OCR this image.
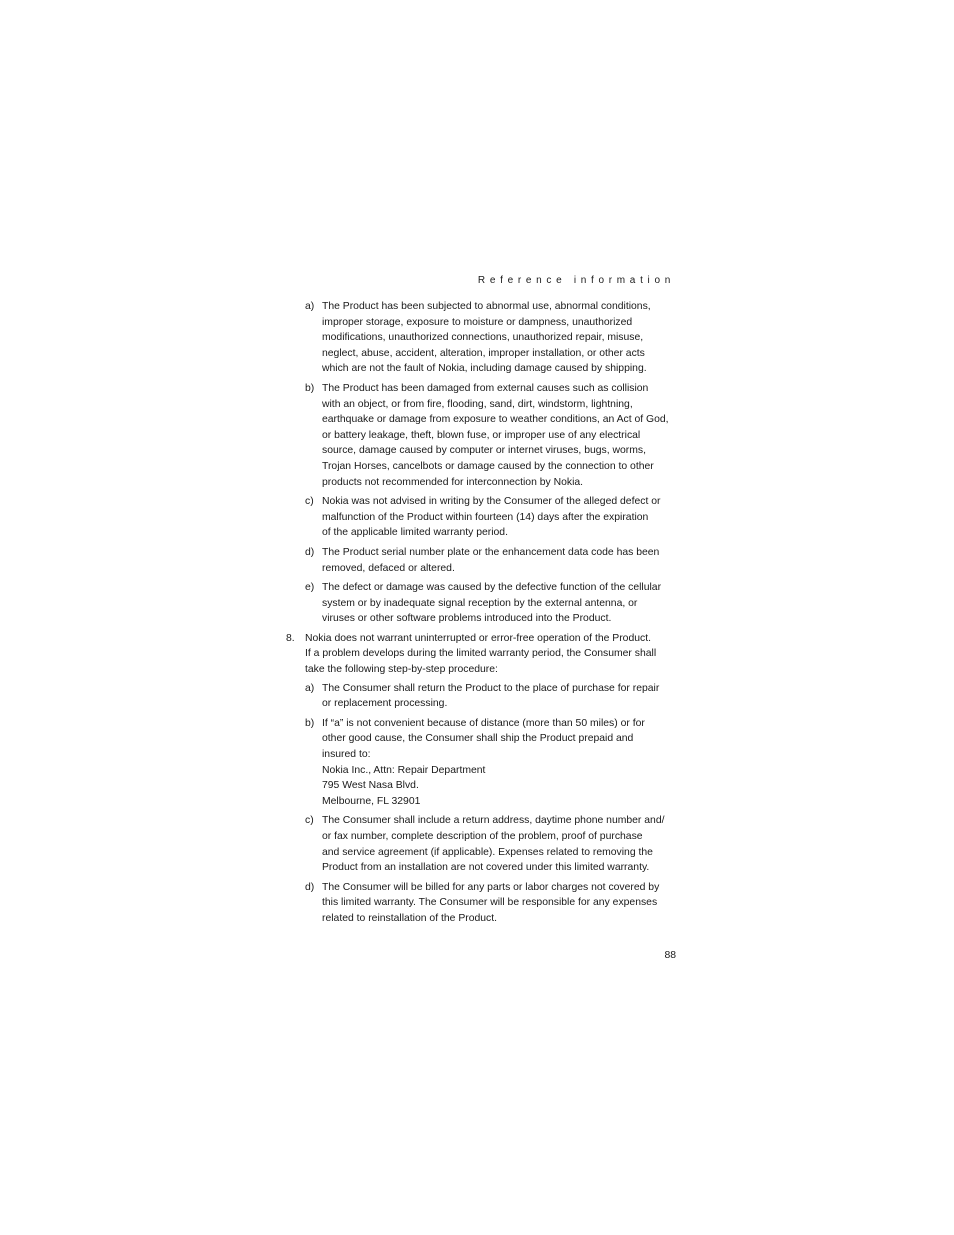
Reference information
a) The Product has been subjected to abnormal use, abnormal conditions,
improper storage, exposure to moisture or dampness, unauthorized
modifications, unauthorized connections, unauthorized repair, misuse,
neglect, abuse, accident, alteration, improper installation, or other acts
which are not the fault of Nokia, including damage caused by shipping.
b) The Product has been damaged from external causes such as collision
with an object, or from fire, flooding, sand, dirt, windstorm, lightning,
earthquake or damage from exposure to weather conditions, an Act of God,
or battery leakage, theft, blown fuse, or improper use of any electrical
source, damage caused by computer or internet viruses, bugs, worms,
Trojan Horses, cancelbots or damage caused by the connection to other
products not recommended for interconnection by Nokia.
c) Nokia was not advised in writing by the Consumer of the alleged defect or
malfunction of the Product within fourteen (14) days after the expiration
of the applicable limited warranty period.
d) The Product serial number plate or the enhancement data code has been
removed, defaced or altered.
e) The defect or damage was caused by the defective function of the cellular
system or by inadequate signal reception by the external antenna, or
viruses or other software problems introduced into the Product.
8. Nokia does not warrant uninterrupted or error-free operation of the Product.
If a problem develops during the limited warranty period, the Consumer shall
take the following step-by-step procedure:
a) The Consumer shall return the Product to the place of purchase for repair
or replacement processing.
b) If “a” is not convenient because of distance (more than 50 miles) or for
other good cause, the Consumer shall ship the Product prepaid and
insured to:
Nokia Inc., Attn: Repair Department
795 West Nasa Blvd.
Melbourne, FL 32901
c) The Consumer shall include a return address, daytime phone number and/
or fax number, complete description of the problem, proof of purchase
and service agreement (if applicable). Expenses related to removing the
Product from an installation are not covered under this limited warranty.
d) The Consumer will be billed for any parts or labor charges not covered by
this limited warranty. The Consumer will be responsible for any expenses
related to reinstallation of the Product.
88
